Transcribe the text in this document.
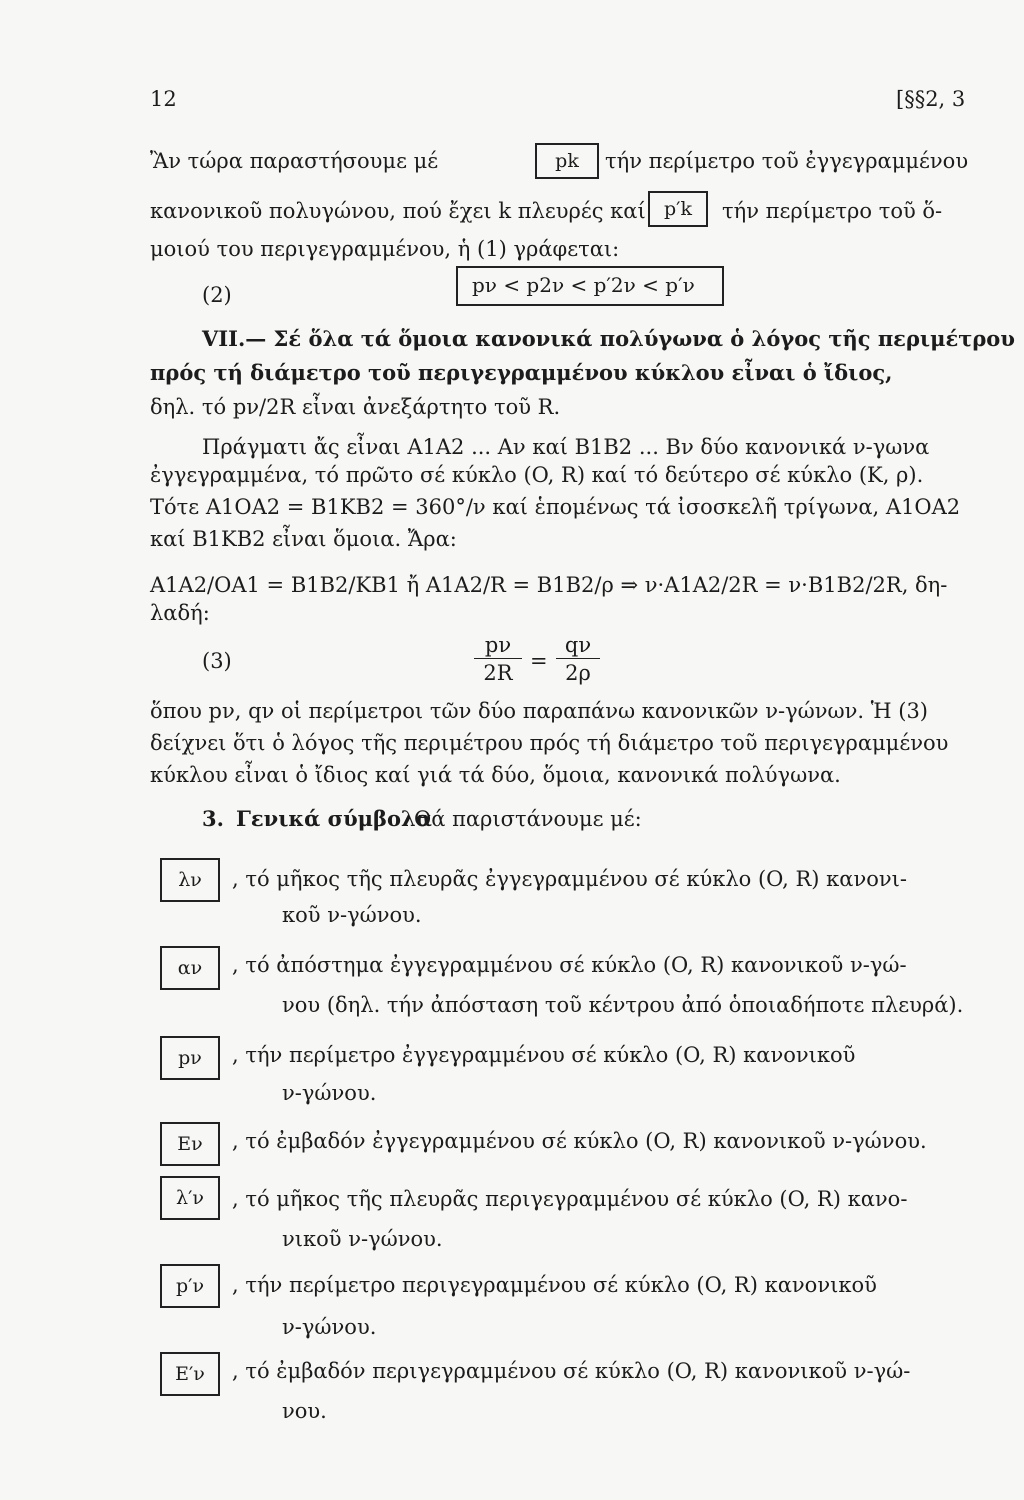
12	[§§2, 3
Ἂν τώρα παραστήσουμε μέ	pk	τήν περίμετρο τοῦ ἐγγεγραμμένου
κανονικοῦ πολυγώνου, πού ἔχει k πλευρές καί p′k	τήν περίμετρο τοῦ ὅ-
μοιού του περιγεγραμμένου, ἡ (1) γράφεται:
(2)	pν < p2ν < p′2ν < p′ν
VII.— Σέ ὅλα τά ὅμοια κανονικά πολύγωνα ὁ λόγος τῆς περιμέτρου
πρός τή διάμετρο τοῦ περιγεγραμμένου κύκλου εἶναι ὁ ἴδιος,
δηλ. τό pν/2R εἶναι ἀνεξάρτητο τοῦ R.
Πράγματι ἄς εἶναι A1A2 ... Aν καί B1B2 ... Bν δύο κανονικά ν-γωνα
ἐγγεγραμμένα, τό πρῶτο σέ κύκλο (O, R) καί τό δεύτερο σέ κύκλο (K, ρ).
Τότε A1OA2 = B1KB2 = 360°/ν καί ἑπομένως τά ἰσοσκελῆ τρίγωνα, A1OA2
καί B1KB2 εἶναι ὅμοια. Ἄρα:
A1A2/OA1 = B1B2/KB1 ἤ A1A2/R = B1B2/ρ ⇒ ν·A1A2/2R = ν·B1B2/2R, δη-
λαδή:
(3)
pν
2R =
qν
2ρ
ὅπου pν, qν οἱ περίμετροι τῶν δύο παραπάνω κανονικῶν ν-γώνων. Ἡ (3)
δείχνει ὅτι ὁ λόγος τῆς περιμέτρου πρός τή διάμετρο τοῦ περιγεγραμμένου
κύκλου εἶναι ὁ ἴδιος καί γιά τά δύο, ὅμοια, κανονικά πολύγωνα.
3. Γενικά σύμβολα
Θά παριστάνουμε μέ:
λν	, τό μῆκος τῆς πλευρᾶς ἐγγεγραμμένου σέ κύκλο (O, R) κανονι-
κοῦ ν-γώνου.
αν	, τό ἀπόστημα ἐγγεγραμμένου σέ κύκλο (O, R) κανονικοῦ ν-γώ-
νου (δηλ. τήν ἀπόσταση τοῦ κέντρου ἀπό ὁποιαδήποτε πλευρά).
pν	, τήν περίμετρο ἐγγεγραμμένου σέ κύκλο (O, R) κανονικοῦ
ν-γώνου.
Eν	, τό ἐμβαδόν ἐγγεγραμμένου σέ κύκλο (O, R) κανονικοῦ ν-γώνου.
λ′ν	, τό μῆκος τῆς πλευρᾶς περιγεγραμμένου σέ κύκλο (O, R) κανο-
νικοῦ ν-γώνου.
p′ν	, τήν περίμετρο περιγεγραμμένου σέ κύκλο (O, R) κανονικοῦ
ν-γώνου.
E′ν	, τό ἐμβαδόν περιγεγραμμένου σέ κύκλο (O, R) κανονικοῦ ν-γώ-
νου.
